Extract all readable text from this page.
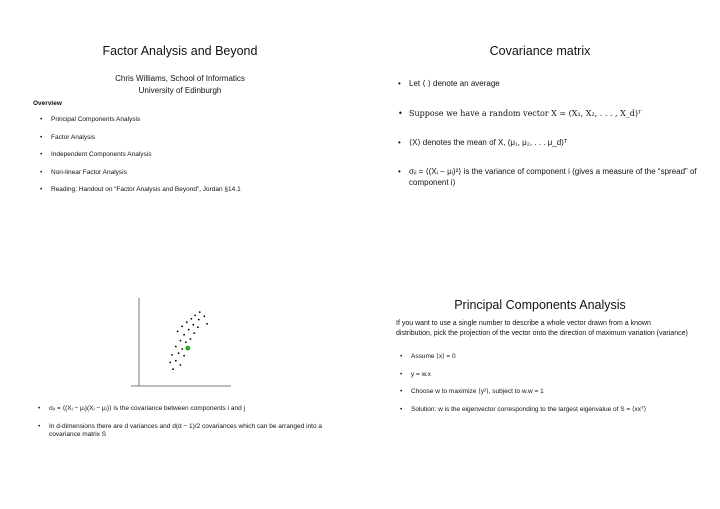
Factor Analysis and Beyond
Chris Williams, School of Informatics
University of Edinburgh
Overview
• Principal Components Analysis
• Factor Analysis
• Independent Components Analysis
• Non-linear Factor Analysis
• Reading: Handout on “Factor Analysis and Beyond”, Jordan §14.1
Covariance matrix
• Let ⟨ ⟩ denote an average
• Suppose we have a random vector X = (X₁, X₂, . . . , X_d)ᵀ
• ⟨X⟩ denotes the mean of X, (μ₁, μ₂, . . . μ_d)ᵀ
• σᵢᵢ = ⟨(Xᵢ − μᵢ)²⟩ is the variance of component i (gives a measure of the “spread” of component i)
• σᵢⱼ = ⟨(Xᵢ − μᵢ)(Xⱼ − μⱼ)⟩ is the covariance between components i and j
• In d-dimensions there are d variances and d(d − 1)/2 covariances which can be arranged into a covariance matrix S
Principal Components Analysis
If you want to use a single number to describe a whole vector drawn from a known distribution, pick the projection of the vector onto the direction of maximum variation (variance)
• Assume ⟨x⟩ = 0
• y = w.x
• Choose w to maximize ⟨y²⟩, subject to w.w = 1
• Solution: w is the eigenvector corresponding to the largest eigenvalue of S = ⟨xxᵀ⟩
